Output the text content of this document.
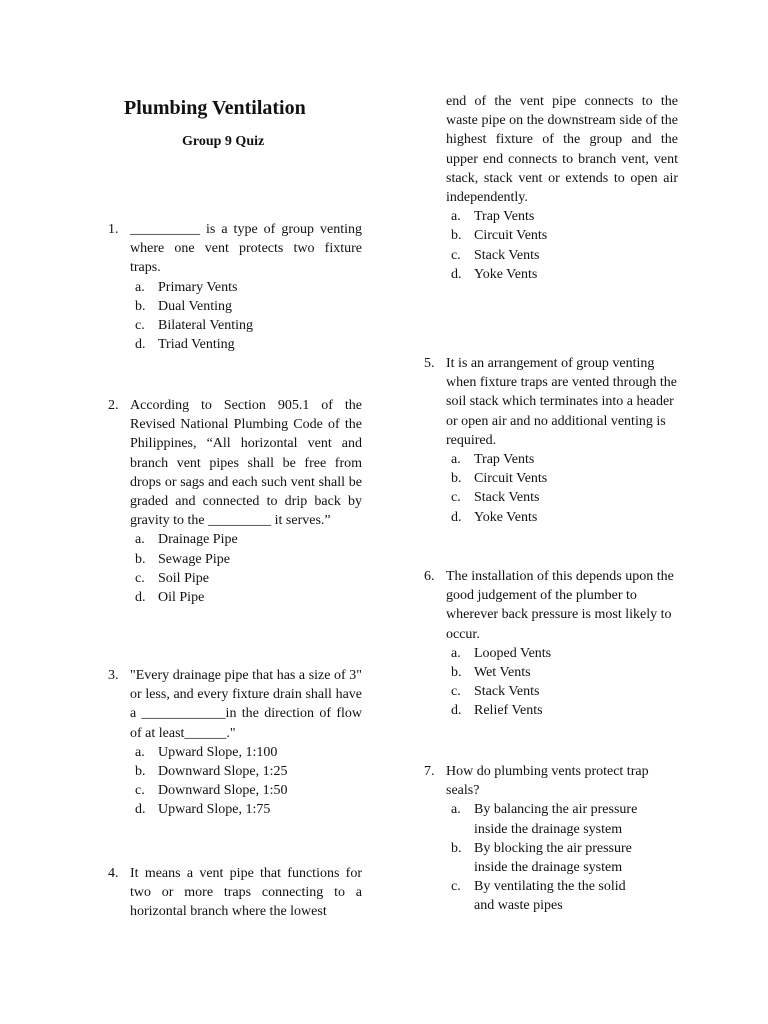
Plumbing Ventilation
Group 9 Quiz
1. __________ is a type of group venting where one vent protects two fixture traps.
a. Primary Vents
b. Dual Venting
c. Bilateral Venting
d. Triad Venting
2. According to Section 905.1 of the Revised National Plumbing Code of the Philippines, “All horizontal vent and branch vent pipes shall be free from drops or sags and each such vent shall be graded and connected to drip back by gravity to the _________ it serves.”
a. Drainage Pipe
b. Sewage Pipe
c. Soil Pipe
d. Oil Pipe
3. "Every drainage pipe that has a size of 3" or less, and every fixture drain shall have a ____________in the direction of flow of at least______."
a. Upward Slope, 1:100
b. Downward Slope, 1:25
c. Downward Slope, 1:50
d. Upward Slope, 1:75
4. It means a vent pipe that functions for two or more traps connecting to a horizontal branch where the lowest
end of the vent pipe connects to the waste pipe on the downstream side of the highest fixture of the group and the upper end connects to branch vent, vent stack, stack vent or extends to open air independently.
a. Trap Vents
b. Circuit Vents
c. Stack Vents
d. Yoke Vents
5. It is an arrangement of group venting when fixture traps are vented through the soil stack which terminates into a header or open air and no additional venting is required.
a. Trap Vents
b. Circuit Vents
c. Stack Vents
d. Yoke Vents
6. The installation of this depends upon the good judgement of the plumber to wherever back pressure is most likely to occur.
a. Looped Vents
b. Wet Vents
c. Stack Vents
d. Relief Vents
7. How do plumbing vents protect trap seals?
a. By balancing the air pressure inside the drainage system
b. By blocking the air pressure inside the drainage system
c. By ventilating the the solid and waste pipes
